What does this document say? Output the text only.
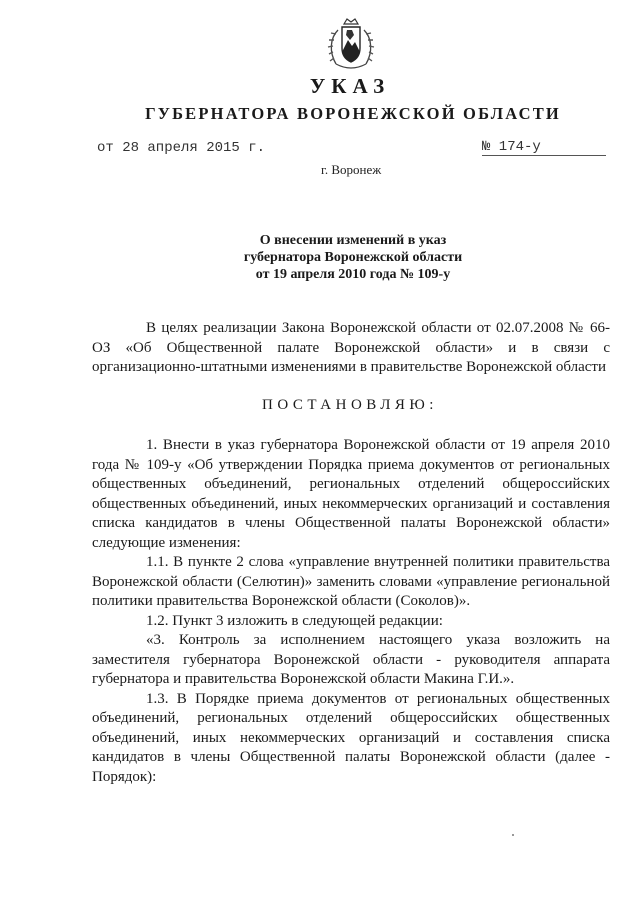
УКАЗ
ГУБЕРНАТОРА ВОРОНЕЖСКОЙ ОБЛАСТИ
от 28 апреля 2015 г.	№ 174-у
г. Воронеж
О внесении изменений в указ
губернатора Воронежской области
от 19 апреля 2010 года № 109-у

В целях реализации Закона Воронежской области от 02.07.2008 № 66-ОЗ «Об Общественной палате Воронежской области» и в связи с организационно-штатными изменениями в правительстве Воронежской области

ПОСТАНОВЛЯЮ:

1. Внести в указ губернатора Воронежской области от 19 апреля 2010 года № 109-у «Об утверждении Порядка приема документов от региональных общественных объединений, региональных отделений общероссийских общественных объединений, иных некоммерческих организаций и составления списка кандидатов в члены Общественной палаты Воронежской области» следующие изменения:

1.1. В пункте 2 слова «управление внутренней политики правительства Воронежской области (Селютин)» заменить словами «управление региональной политики правительства Воронежской области (Соколов)».

1.2. Пункт 3 изложить в следующей редакции:

«3. Контроль за исполнением настоящего указа возложить на заместителя губернатора Воронежской области - руководителя аппарата губернатора и правительства Воронежской области Макина Г.И.».

1.3. В Порядке приема документов от региональных общественных объединений, региональных отделений общероссийских общественных объединений, иных некоммерческих организаций и составления списка кандидатов в члены Общественной палаты Воронежской области (далее - Порядок):
